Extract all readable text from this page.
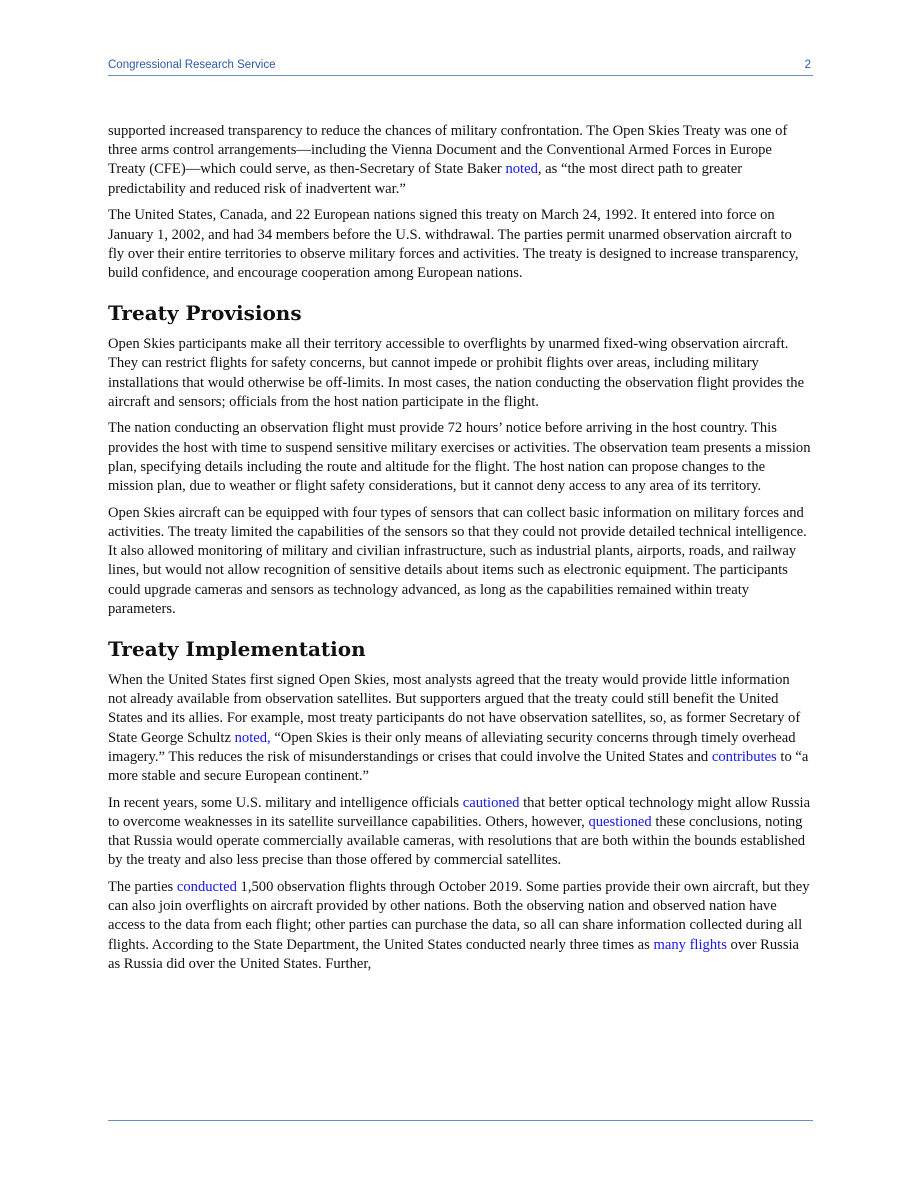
Congressional Research Service	2

supported increased transparency to reduce the chances of military confrontation. The Open Skies Treaty was one of three arms control arrangements—including the Vienna Document and the Conventional Armed Forces in Europe Treaty (CFE)—which could serve, as then-Secretary of State Baker noted, as “the most direct path to greater predictability and reduced risk of inadvertent war.”

The United States, Canada, and 22 European nations signed this treaty on March 24, 1992. It entered into force on January 1, 2002, and had 34 members before the U.S. withdrawal. The parties permit unarmed observation aircraft to fly over their entire territories to observe military forces and activities. The treaty is designed to increase transparency, build confidence, and encourage cooperation among European nations.

Treaty Provisions

Open Skies participants make all their territory accessible to overflights by unarmed fixed-wing observation aircraft. They can restrict flights for safety concerns, but cannot impede or prohibit flights over areas, including military installations that would otherwise be off-limits. In most cases, the nation conducting the observation flight provides the aircraft and sensors; officials from the host nation participate in the flight.

The nation conducting an observation flight must provide 72 hours’ notice before arriving in the host country. This provides the host with time to suspend sensitive military exercises or activities. The observation team presents a mission plan, specifying details including the route and altitude for the flight. The host nation can propose changes to the mission plan, due to weather or flight safety considerations, but it cannot deny access to any area of its territory.

Open Skies aircraft can be equipped with four types of sensors that can collect basic information on military forces and activities. The treaty limited the capabilities of the sensors so that they could not provide detailed technical intelligence. It also allowed monitoring of military and civilian infrastructure, such as industrial plants, airports, roads, and railway lines, but would not allow recognition of sensitive details about items such as electronic equipment. The participants could upgrade cameras and sensors as technology advanced, as long as the capabilities remained within treaty parameters.

Treaty Implementation

When the United States first signed Open Skies, most analysts agreed that the treaty would provide little information not already available from observation satellites. But supporters argued that the treaty could still benefit the United States and its allies. For example, most treaty participants do not have observation satellites, so, as former Secretary of State George Schultz noted, “Open Skies is their only means of alleviating security concerns through timely overhead imagery.” This reduces the risk of misunderstandings or crises that could involve the United States and contributes to “a more stable and secure European continent.”

In recent years, some U.S. military and intelligence officials cautioned that better optical technology might allow Russia to overcome weaknesses in its satellite surveillance capabilities. Others, however, questioned these conclusions, noting that Russia would operate commercially available cameras, with resolutions that are both within the bounds established by the treaty and also less precise than those offered by commercial satellites.

The parties conducted 1,500 observation flights through October 2019. Some parties provide their own aircraft, but they can also join overflights on aircraft provided by other nations. Both the observing nation and observed nation have access to the data from each flight; other parties can purchase the data, so all can share information collected during all flights. According to the State Department, the United States conducted nearly three times as many flights over Russia as Russia did over the United States. Further,
